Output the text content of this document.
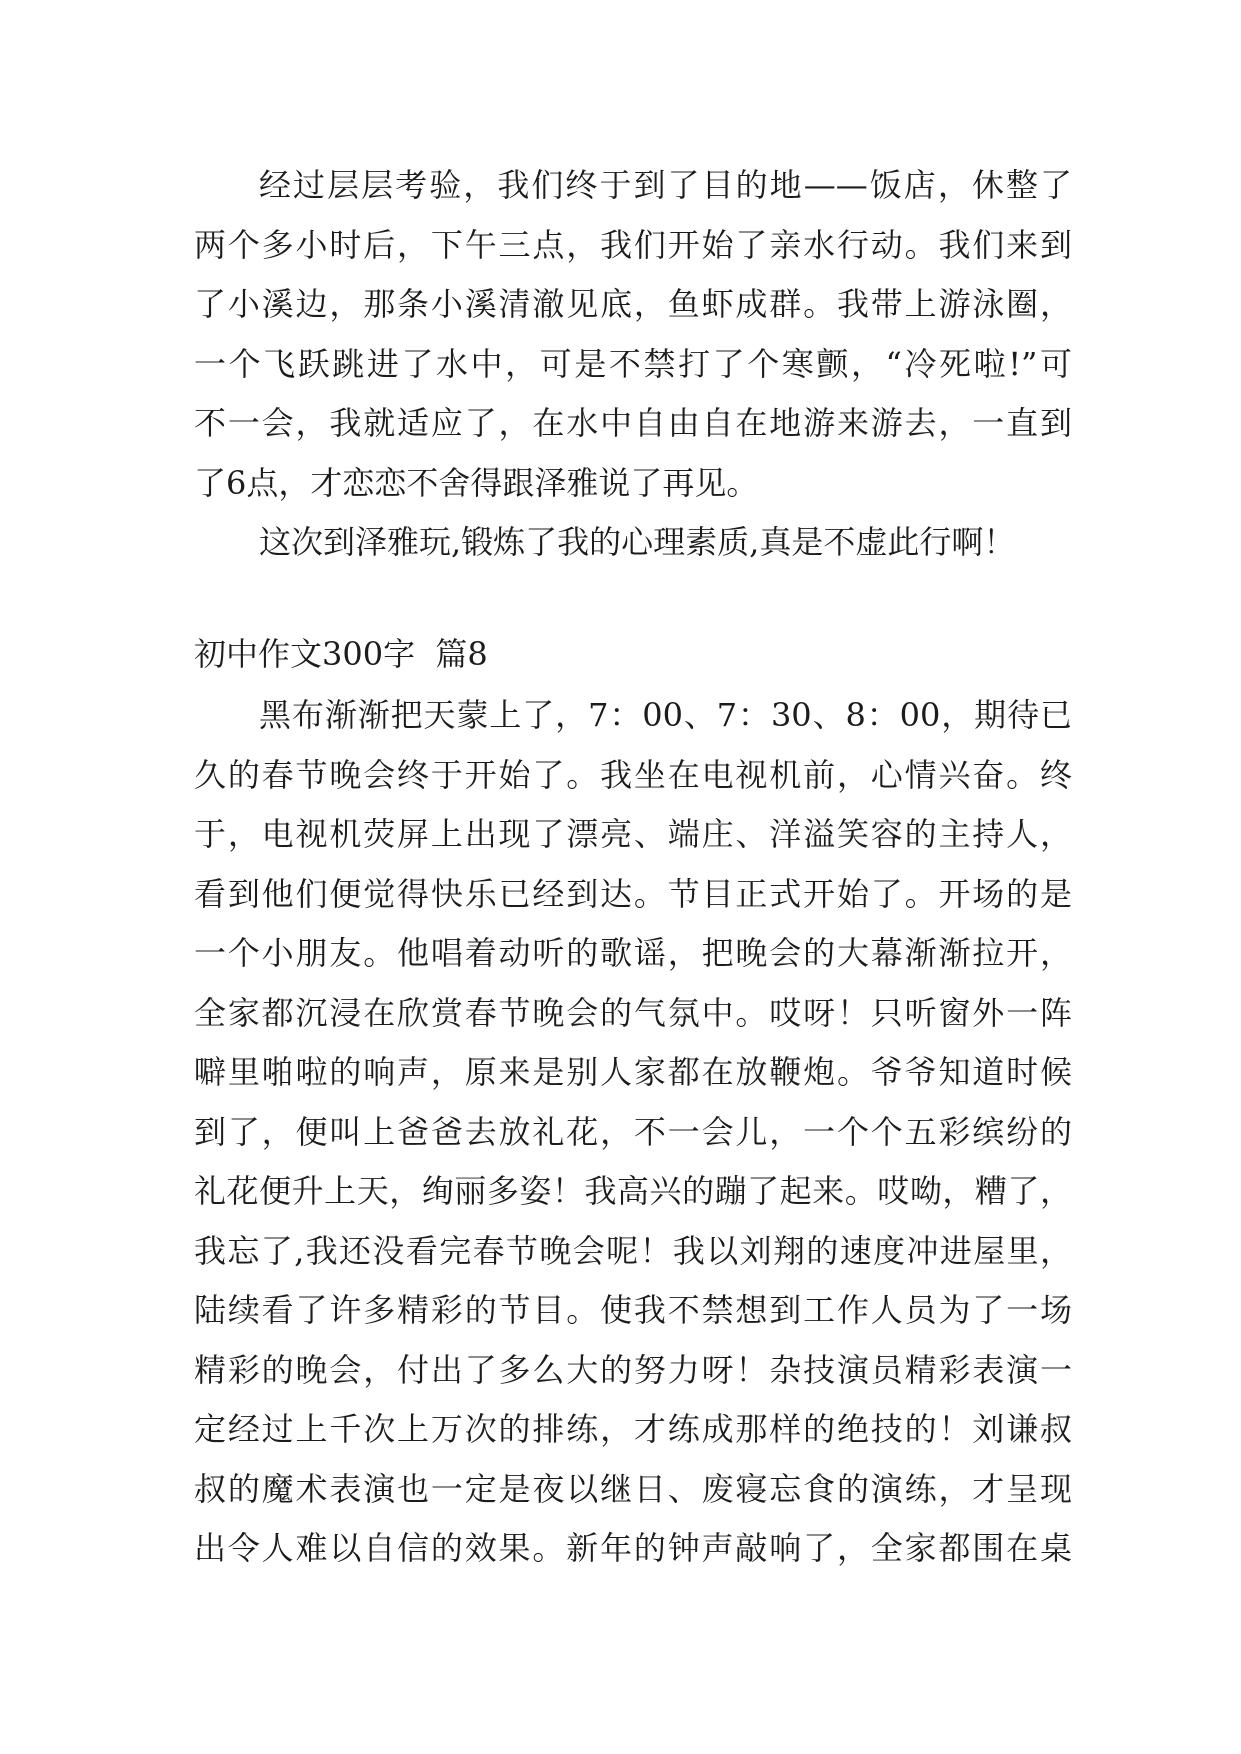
经过层层考验，我们终于到了目的地——饭店，休整了
两个多小时后，下午三点，我们开始了亲水行动。我们来到
了小溪边，那条小溪清澈见底，鱼虾成群。我带上游泳圈，
一个飞跃跳进了水中，可是不禁打了个寒颤，“冷死啦!”可
不一会，我就适应了，在水中自由自在地游来游去，一直到
了6点，才恋恋不舍得跟泽雅说了再见。
这次到泽雅玩,锻炼了我的心理素质,真是不虚此行啊！
初中作文300字  篇8
黑布渐渐把天蒙上了，7：00、7：30、8：00，期待已
久的春节晚会终于开始了。我坐在电视机前，心情兴奋。终
于，电视机荧屏上出现了漂亮、端庄、洋溢笑容的主持人，
看到他们便觉得快乐已经到达。节目正式开始了。开场的是
一个小朋友。他唱着动听的歌谣，把晚会的大幕渐渐拉开，
全家都沉浸在欣赏春节晚会的气氛中。哎呀！只听窗外一阵
噼里啪啦的响声，原来是别人家都在放鞭炮。爷爷知道时候
到了，便叫上爸爸去放礼花，不一会儿，一个个五彩缤纷的
礼花便升上天，绚丽多姿！我高兴的蹦了起来。哎呦，糟了，
我忘了,我还没看完春节晚会呢！我以刘翔的速度冲进屋里，
陆续看了许多精彩的节目。使我不禁想到工作人员为了一场
精彩的晚会，付出了多么大的努力呀！杂技演员精彩表演一
定经过上千次上万次的排练，才练成那样的绝技的！刘谦叔
叔的魔术表演也一定是夜以继日、废寝忘食的演练，才呈现
出令人难以自信的效果。新年的钟声敲响了，全家都围在桌
